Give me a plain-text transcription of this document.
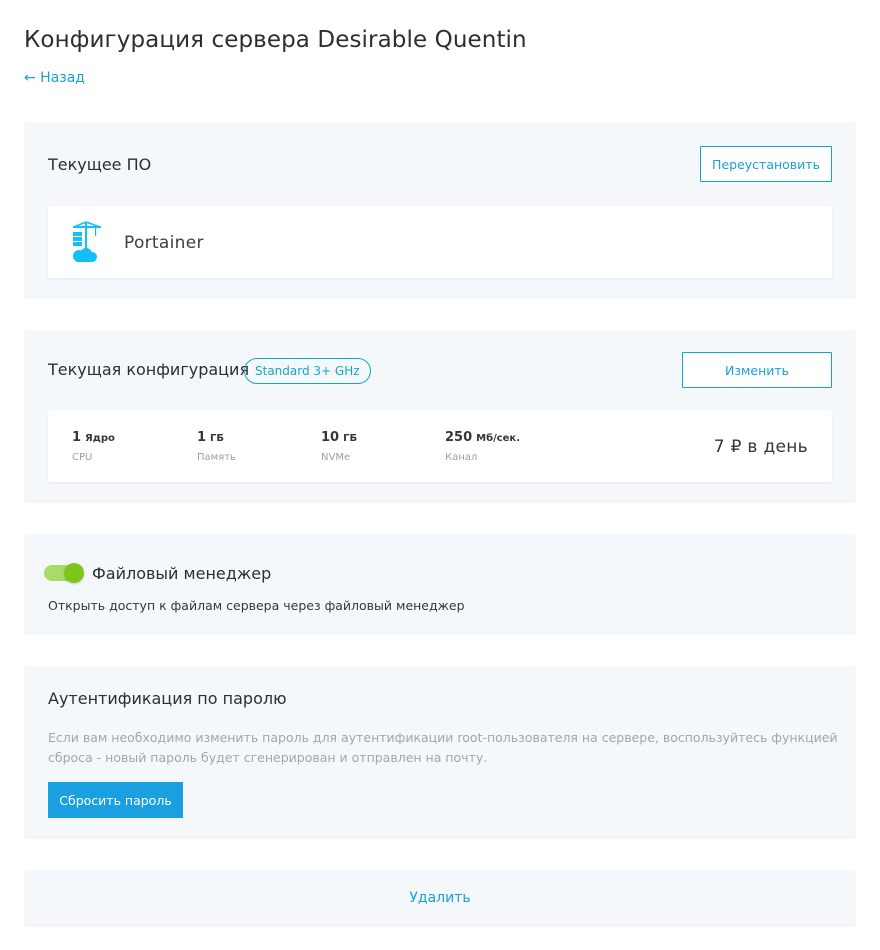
Конфигурация сервера Desirable Quentin
← Назад
Текущее ПО	Переустановить
Portainer
Текущая конфигурация Standard 3+ GHz	Изменить
1 Ядро
CPU
1 ГБ
Память
10 ГБ
NVMe
250 Мб/сек.
Канал
7 ₽ в день
Файловый менеджер
Открыть доступ к файлам сервера через файловый менеджер
Аутентификация по паролю
Если вам необходимо изменить пароль для аутентификации root-пользователя на сервере, воспользуйтесь функцией сброса - новый пароль будет сгенерирован и отправлен на почту.
Сбросить пароль
Удалить
